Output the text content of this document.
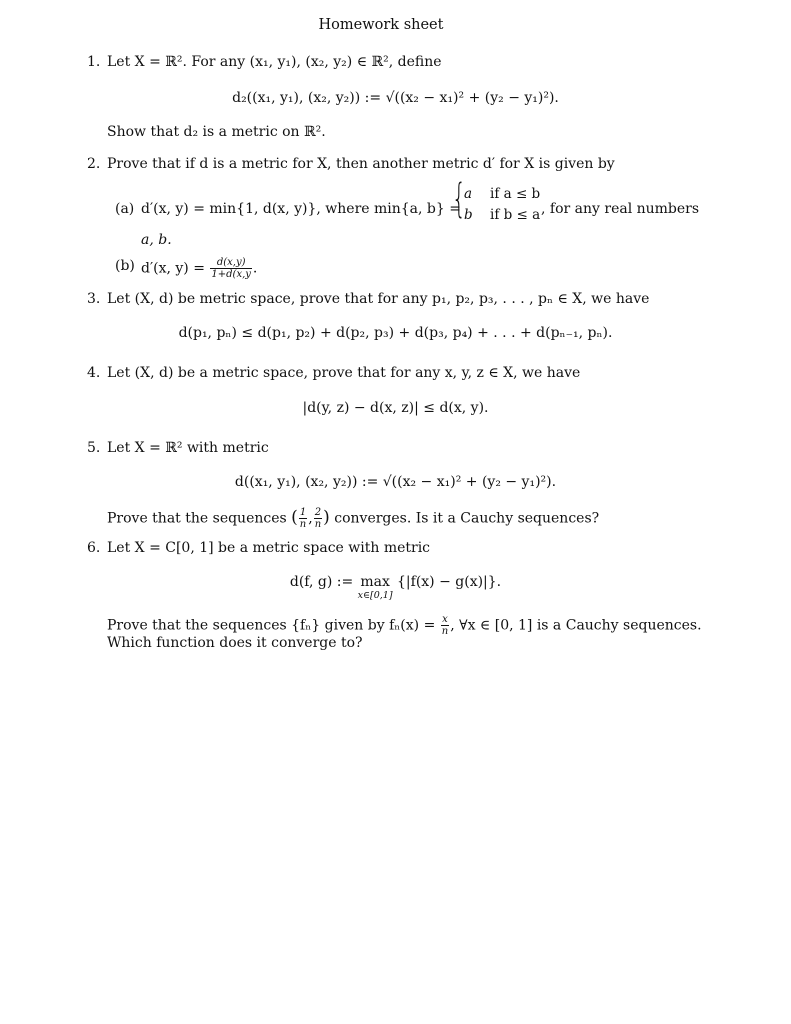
Homework sheet
1. Let X = ℝ². For any (x₁, y₁), (x₂, y₂) ∈ ℝ², define
d₂((x₁, y₁), (x₂, y₂)) := √((x₂ − x₁)² + (y₂ − y₁)²).
Show that d₂ is a metric on ℝ².
2. Prove that if d is a metric for X, then another metric d′ for X is given by
(a) d′(x, y) = min{1, d(x, y)}, where min{a, b} =
{
a if a ≤ b
b if b ≤ a , for any real numbers
a, b.
(b) d′(x, $y) = \frac{d(x,y)}{1+d(x,y}$ .
3. Let (X, d) be metric space, prove that for any p₁, p₂, p₃, . . . , pₙ ∈ X, we have
d(p₁, pₙ) ≤ d(p₁, p₂) + d(p₂, p₃) + d(p₃, p₄) + . . . + d(pₙ₋₁, pₙ).
4. Let (X, d) be a metric space, prove that for any x, y, z ∈ X, we have
|d(y, z) − d(x, z)| ≤ d(x, y).
5. Let X = ℝ² with metric
d((x₁, y₁), (x₂, y₂)) := √((x₂ − x₁)² + (y₂ − y₁)²).
Prove that the sequences ( $\frac{1}{n}$ , $\frac{2}{n}$ ) converges. Is it a Cauchy sequences?
6. Let X = C[0, 1] be a metric space with metric
d(f, g) := max
x∈[0,1]
{|f(x) − g(x)|}.
Prove that the sequences {fₙ} given by $f_n(x) = \frac{x}{n}$ , ∀x ∈ [0, 1] is a Cauchy sequences.
Which function does it converge to?
